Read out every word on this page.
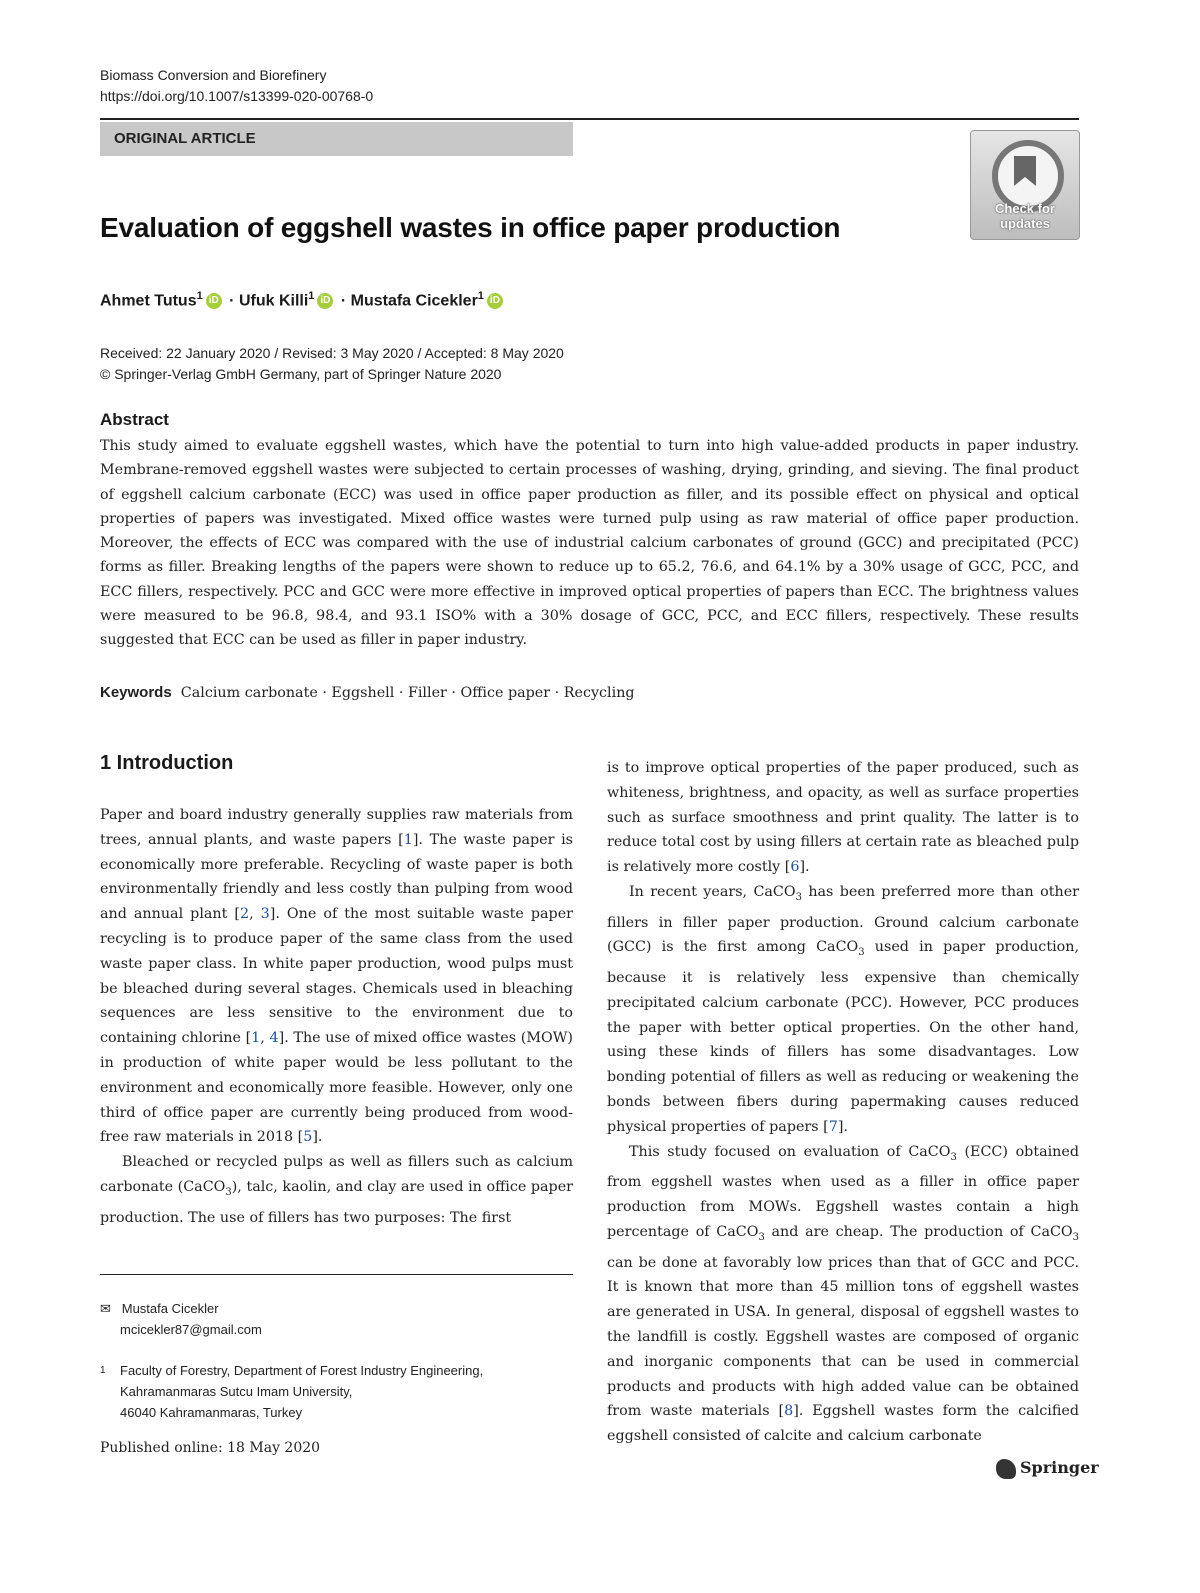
Biomass Conversion and Biorefinery
https://doi.org/10.1007/s13399-020-00768-0
ORIGINAL ARTICLE
Check for
updates
Evaluation of eggshell wastes in office paper production
Ahmet Tutus$^1$ iD · Ufuk Killi$^1$ iD · Mustafa Cicekler$^1$ iD
Received: 22 January 2020 / Revised: 3 May 2020 / Accepted: 8 May 2020
© Springer-Verlag GmbH Germany, part of Springer Nature 2020
Abstract
This study aimed to evaluate eggshell wastes, which have the potential to turn into high value-added products in paper industry. Membrane-removed eggshell wastes were subjected to certain processes of washing, drying, grinding, and sieving. The final product of eggshell calcium carbonate (ECC) was used in office paper production as filler, and its possible effect on physical and optical properties of papers was investigated. Mixed office wastes were turned pulp using as raw material of office paper production. Moreover, the effects of ECC was compared with the use of industrial calcium carbonates of ground (GCC) and precipitated (PCC) forms as filler. Breaking lengths of the papers were shown to reduce up to 65.2, 76.6, and 64.1% by a 30% usage of GCC, PCC, and ECC fillers, respectively. PCC and GCC were more effective in improved optical properties of papers than ECC. The brightness values were measured to be 96.8, 98.4, and 93.1 ISO% with a 30% dosage of GCC, PCC, and ECC fillers, respectively. These results suggested that ECC can be used as filler in paper industry.
Keywords Calcium carbonate · Eggshell · Filler · Office paper · Recycling
1 Introduction

Paper and board industry generally supplies raw materials from trees, annual plants, and waste papers [1]. The waste paper is economically more preferable. Recycling of waste paper is both environmentally friendly and less costly than pulping from wood and annual plant [2, 3]. One of the most suitable waste paper recycling is to produce paper of the same class from the used waste paper class. In white paper production, wood pulps must be bleached during several stages. Chemicals used in bleaching sequences are less sensitive to the environment due to containing chlorine [1, 4]. The use of mixed office wastes (MOW) in production of white paper would be less pollutant to the environment and economically more feasible. However, only one third of office paper are currently being produced from wood-free raw materials in 2018 [5].

Bleached or recycled pulps as well as fillers such as calcium carbonate (CaCO$_3$), talc, kaolin, and clay are used in office paper production. The use of fillers has two purposes: The first

is to improve optical properties of the paper produced, such as whiteness, brightness, and opacity, as well as surface properties such as surface smoothness and print quality. The latter is to reduce total cost by using fillers at certain rate as bleached pulp is relatively more costly [6].

In recent years, CaCO$_3$ has been preferred more than other fillers in filler paper production. Ground calcium carbonate (GCC) is the first among CaCO$_3$ used in paper production, because it is relatively less expensive than chemically precipitated calcium carbonate (PCC). However, PCC produces the paper with better optical properties. On the other hand, using these kinds of fillers has some disadvantages. Low bonding potential of fillers as well as reducing or weakening the bonds between fibers during papermaking causes reduced physical properties of papers [7].

This study focused on evaluation of CaCO$_3$ (ECC) obtained from eggshell wastes when used as a filler in office paper production from MOWs. Eggshell wastes contain a high percentage of CaCO$_3$ and are cheap. The production of CaCO$_3$ can be done at favorably low prices than that of GCC and PCC. It is known that more than 45 million tons of eggshell wastes are generated in USA. In general, disposal of eggshell wastes to the landfill is costly. Eggshell wastes are composed of organic and inorganic components that can be used in commercial products and products with high added value can be obtained from waste materials [8]. Eggshell wastes form the calcified eggshell consisted of calcite and calcium carbonate

✉ Mustafa Cicekler
mcicekler87@gmail.com
1	Faculty of Forestry, Department of Forest Industry Engineering,
Kahramanmaras Sutcu Imam University,
46040 Kahramanmaras, Turkey
Published online: 18 May 2020
Springer
